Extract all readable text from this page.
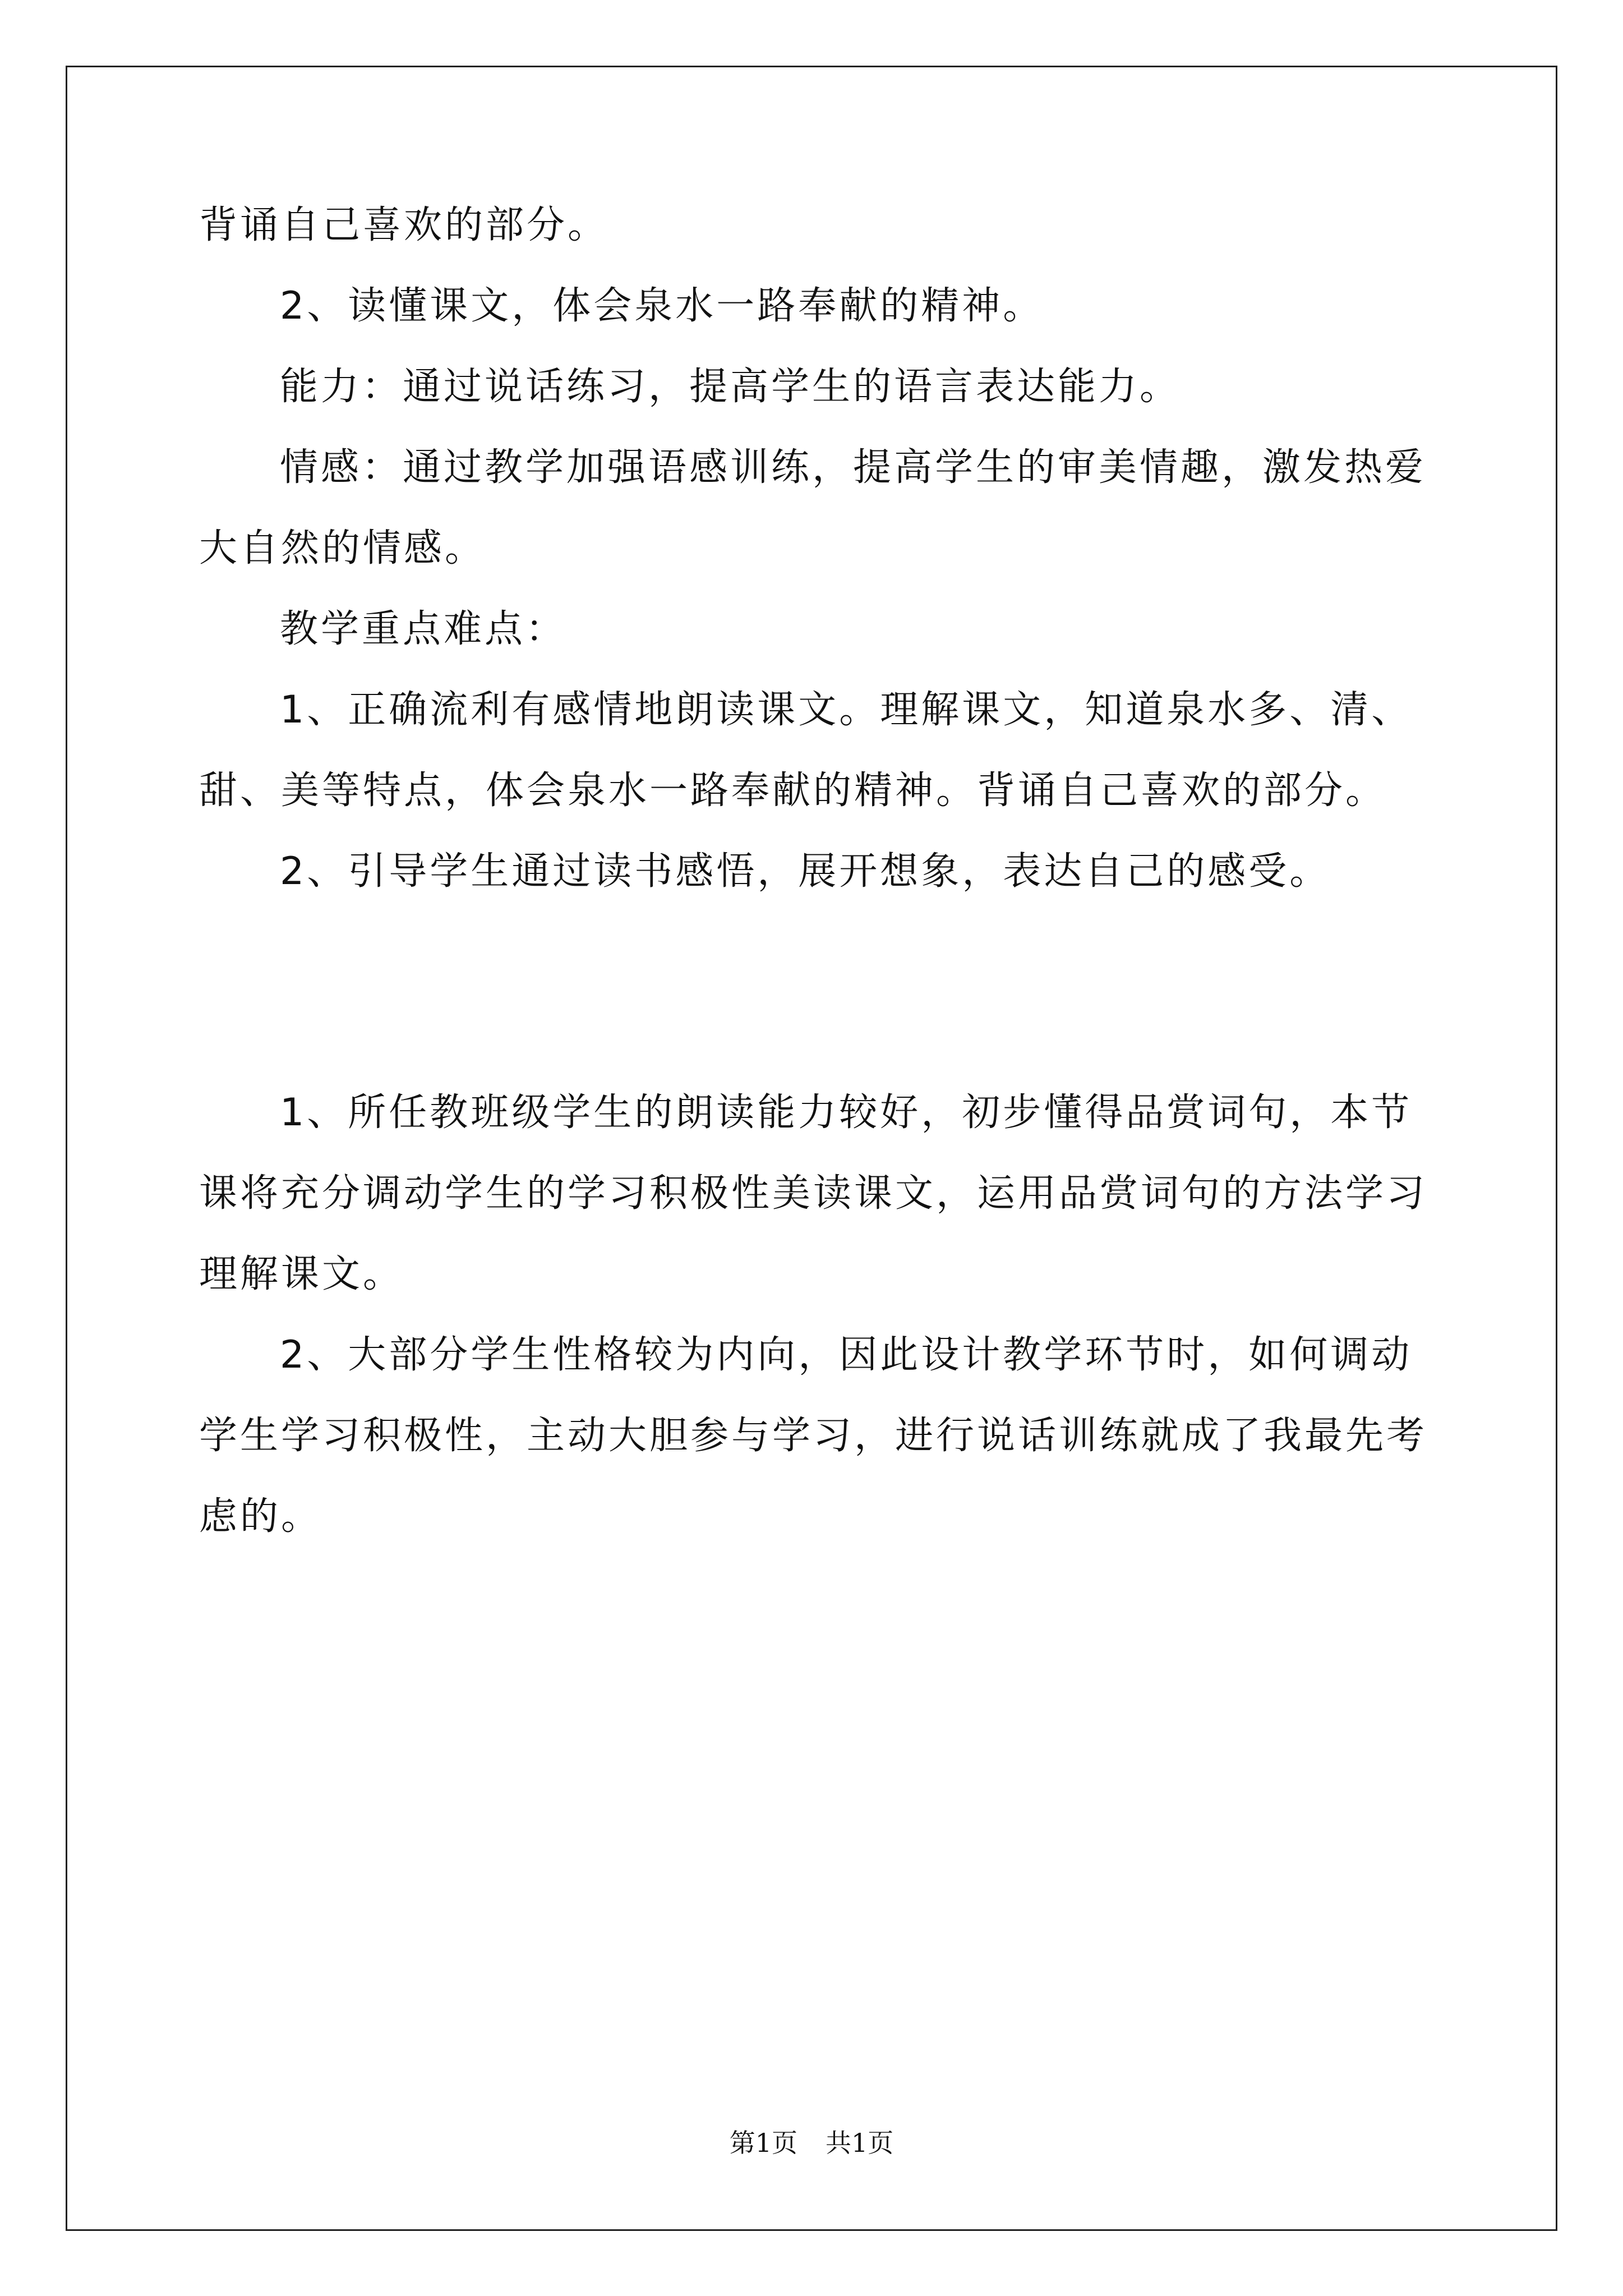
背诵自己喜欢的部分。

2、读懂课文，体会泉水一路奉献的精神。

能力：通过说话练习，提高学生的语言表达能力。

情感：通过教学加强语感训练，提高学生的审美情趣，激发热爱大自然的情感。

教学重点难点：

1、正确流利有感情地朗读课文。理解课文，知道泉水多、清、甜、美等特点，体会泉水一路奉献的精神。背诵自己喜欢的部分。

2、引导学生通过读书感悟，展开想象，表达自己的感受。

1、所任教班级学生的朗读能力较好，初步懂得品赏词句，本节课将充分调动学生的学习积极性美读课文，运用品赏词句的方法学习理解课文。

2、大部分学生性格较为内向，因此设计教学环节时，如何调动学生学习积极性，主动大胆参与学习，进行说话训练就成了我最先考虑的。

第1页 共1页
